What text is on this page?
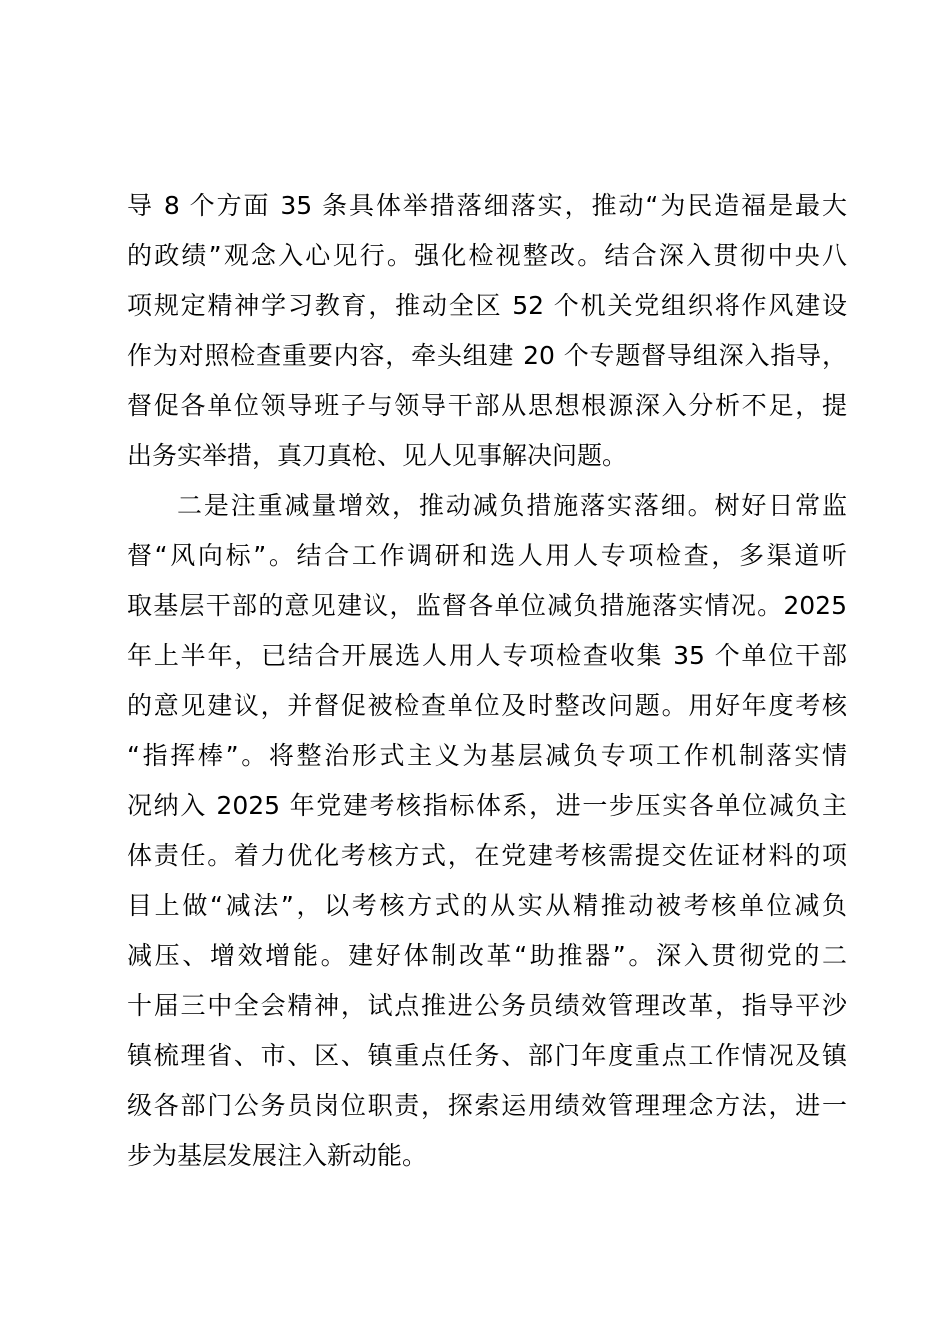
导 8 个方面 35 条具体举措落细落实，推动“为民造福是最大
的政绩”观念入心见行。强化检视整改。结合深入贯彻中央八
项规定精神学习教育，推动全区 52 个机关党组织将作风建设
作为对照检查重要内容，牵头组建 20 个专题督导组深入指导，
督促各单位领导班子与领导干部从思想根源深入分析不足，提
出务实举措，真刀真枪、见人见事解决问题。
二是注重减量增效，推动减负措施落实落细。树好日常监
督“风向标”。结合工作调研和选人用人专项检查，多渠道听
取基层干部的意见建议，监督各单位减负措施落实情况。2025
年上半年，已结合开展选人用人专项检查收集 35 个单位干部
的意见建议，并督促被检查单位及时整改问题。用好年度考核
“指挥棒”。将整治形式主义为基层减负专项工作机制落实情
况纳入 2025 年党建考核指标体系，进一步压实各单位减负主
体责任。着力优化考核方式，在党建考核需提交佐证材料的项
目上做“减法”，以考核方式的从实从精推动被考核单位减负
减压、增效增能。建好体制改革“助推器”。深入贯彻党的二
十届三中全会精神，试点推进公务员绩效管理改革，指导平沙
镇梳理省、市、区、镇重点任务、部门年度重点工作情况及镇
级各部门公务员岗位职责，探索运用绩效管理理念方法，进一
步为基层发展注入新动能。
